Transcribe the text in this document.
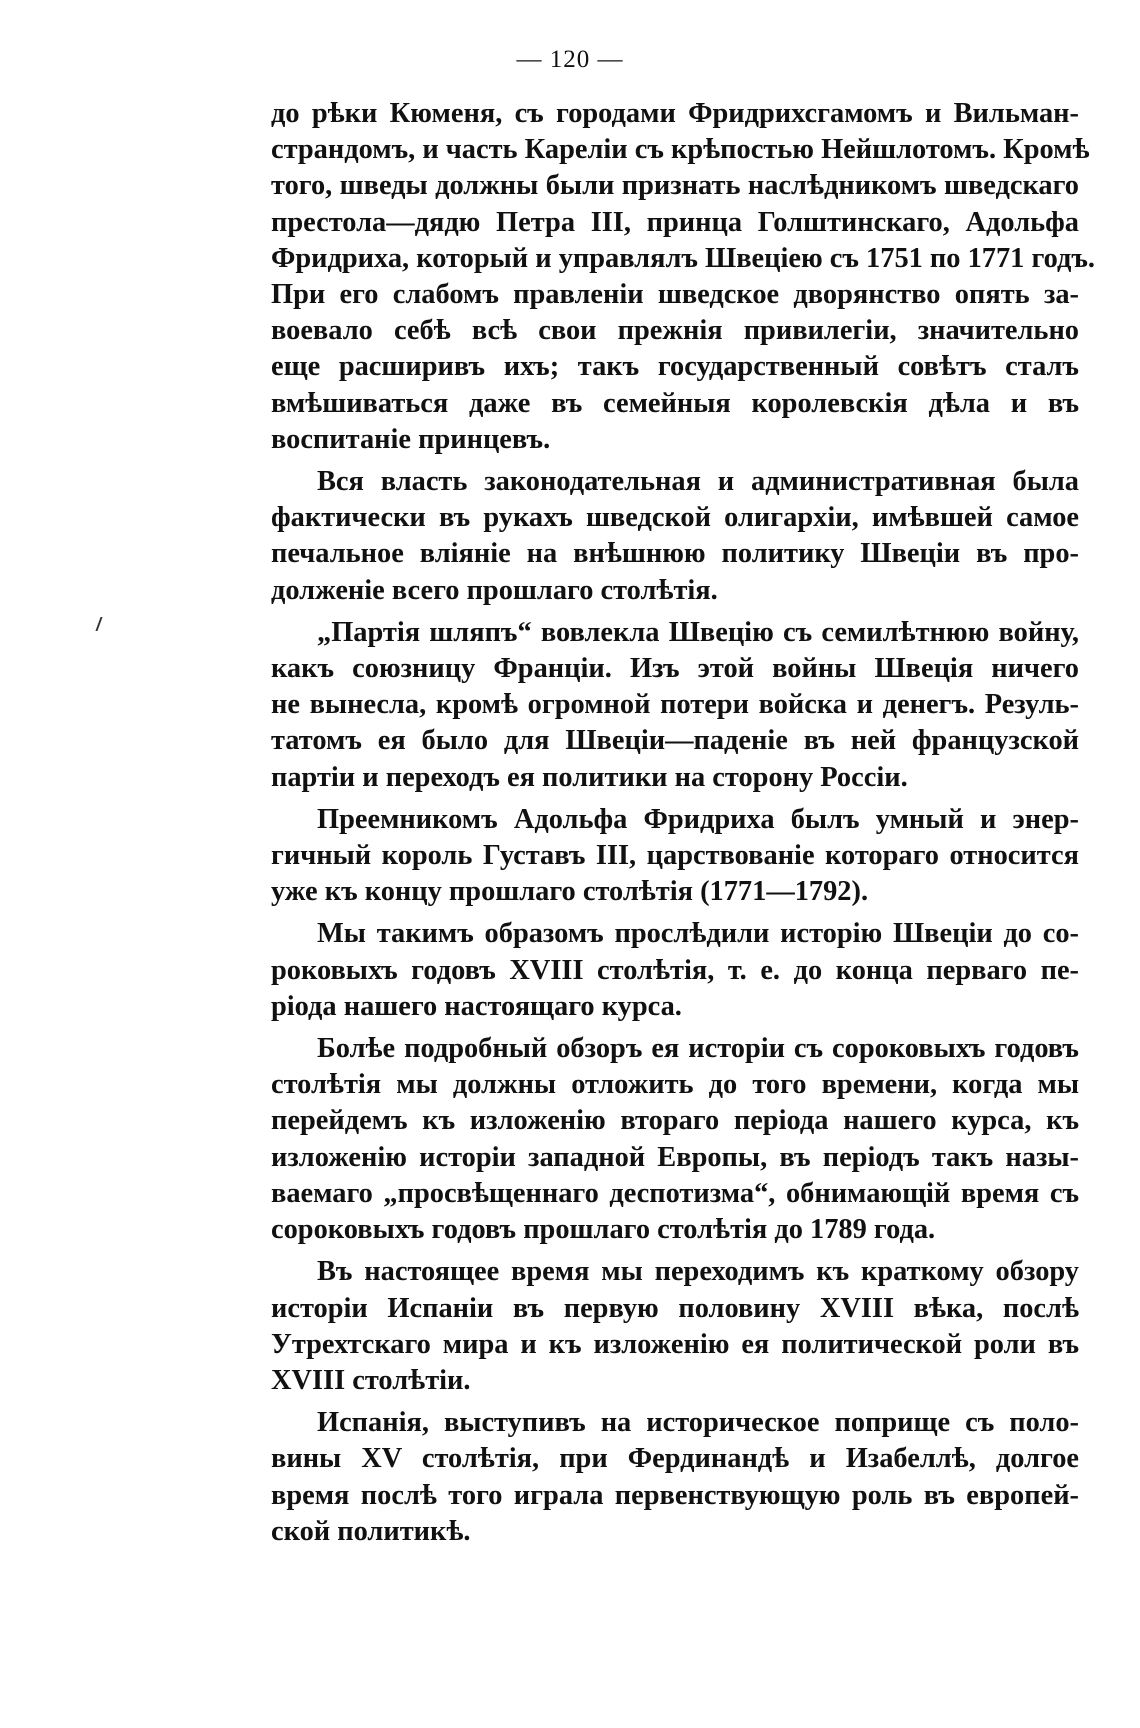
— 120 —

до рѣки Кюменя, съ городами Фридрихсгамомъ и Вильман-
страндомъ, и часть Кареліи съ крѣпостью Нейшлотомъ. Кромѣ
того, шведы должны были признать наслѣдникомъ шведскаго
престола—дядю Петра III, принца Голштинскаго, Адольфа
Фридриха, который и управлялъ Швеціею съ 1751 по 1771 годъ.
При его слабомъ правленіи шведское дворянство опять за-
воевало себѣ всѣ свои прежнія привилегіи, значительно
еще расширивъ ихъ; такъ государственный совѣтъ сталъ
вмѣшиваться даже въ семейныя королевскія дѣла и въ
воспитаніе принцевъ.

Вся власть законодательная и административная была
фактически въ рукахъ шведской олигархіи, имѣвшей самое
печальное вліяніе на внѣшнюю политику Швеціи въ про-
долженіе всего прошлаго столѣтія.

„Партія шляпъ“ вовлекла Швецію съ семилѣтнюю войну,
какъ союзницу Франціи. Изъ этой войны Швеція ничего
не вынесла, кромѣ огромной потери войска и денегъ. Резуль-
татомъ ея было для Швеціи—паденіе въ ней французской
партіи и переходъ ея политики на сторону Россіи.

Преемникомъ Адольфа Фридриха былъ умный и энер-
гичный король Густавъ III, царствованіе котораго относится
уже къ концу прошлаго столѣтія (1771—1792).

Мы такимъ образомъ прослѣдили исторію Швеціи до со-
роковыхъ годовъ XVIII столѣтія, т. е. до конца перваго пе-
ріода нашего настоящаго курса.

Болѣе подробный обзоръ ея исторіи съ сороковыхъ годовъ
столѣтія мы должны отложить до того времени, когда мы
перейдемъ къ изложенію втораго періода нашего курса, къ
изложенію исторіи западной Европы, въ періодъ такъ назы-
ваемаго „просвѣщеннаго деспотизма“, обнимающій время съ
сороковыхъ годовъ прошлаго столѣтія до 1789 года.

Въ настоящее время мы переходимъ къ краткому обзору
исторіи Испаніи въ первую половину XVIII вѣка, послѣ
Утрехтскаго мира и къ изложенію ея политической роли въ
XVIII столѣтіи.

Испанія, выступивъ на историческое поприще съ поло-
вины XV столѣтія, при Фердинандѣ и Изабеллѣ, долгое
время послѣ того играла первенствующую роль въ европей-
ской политикѣ.
